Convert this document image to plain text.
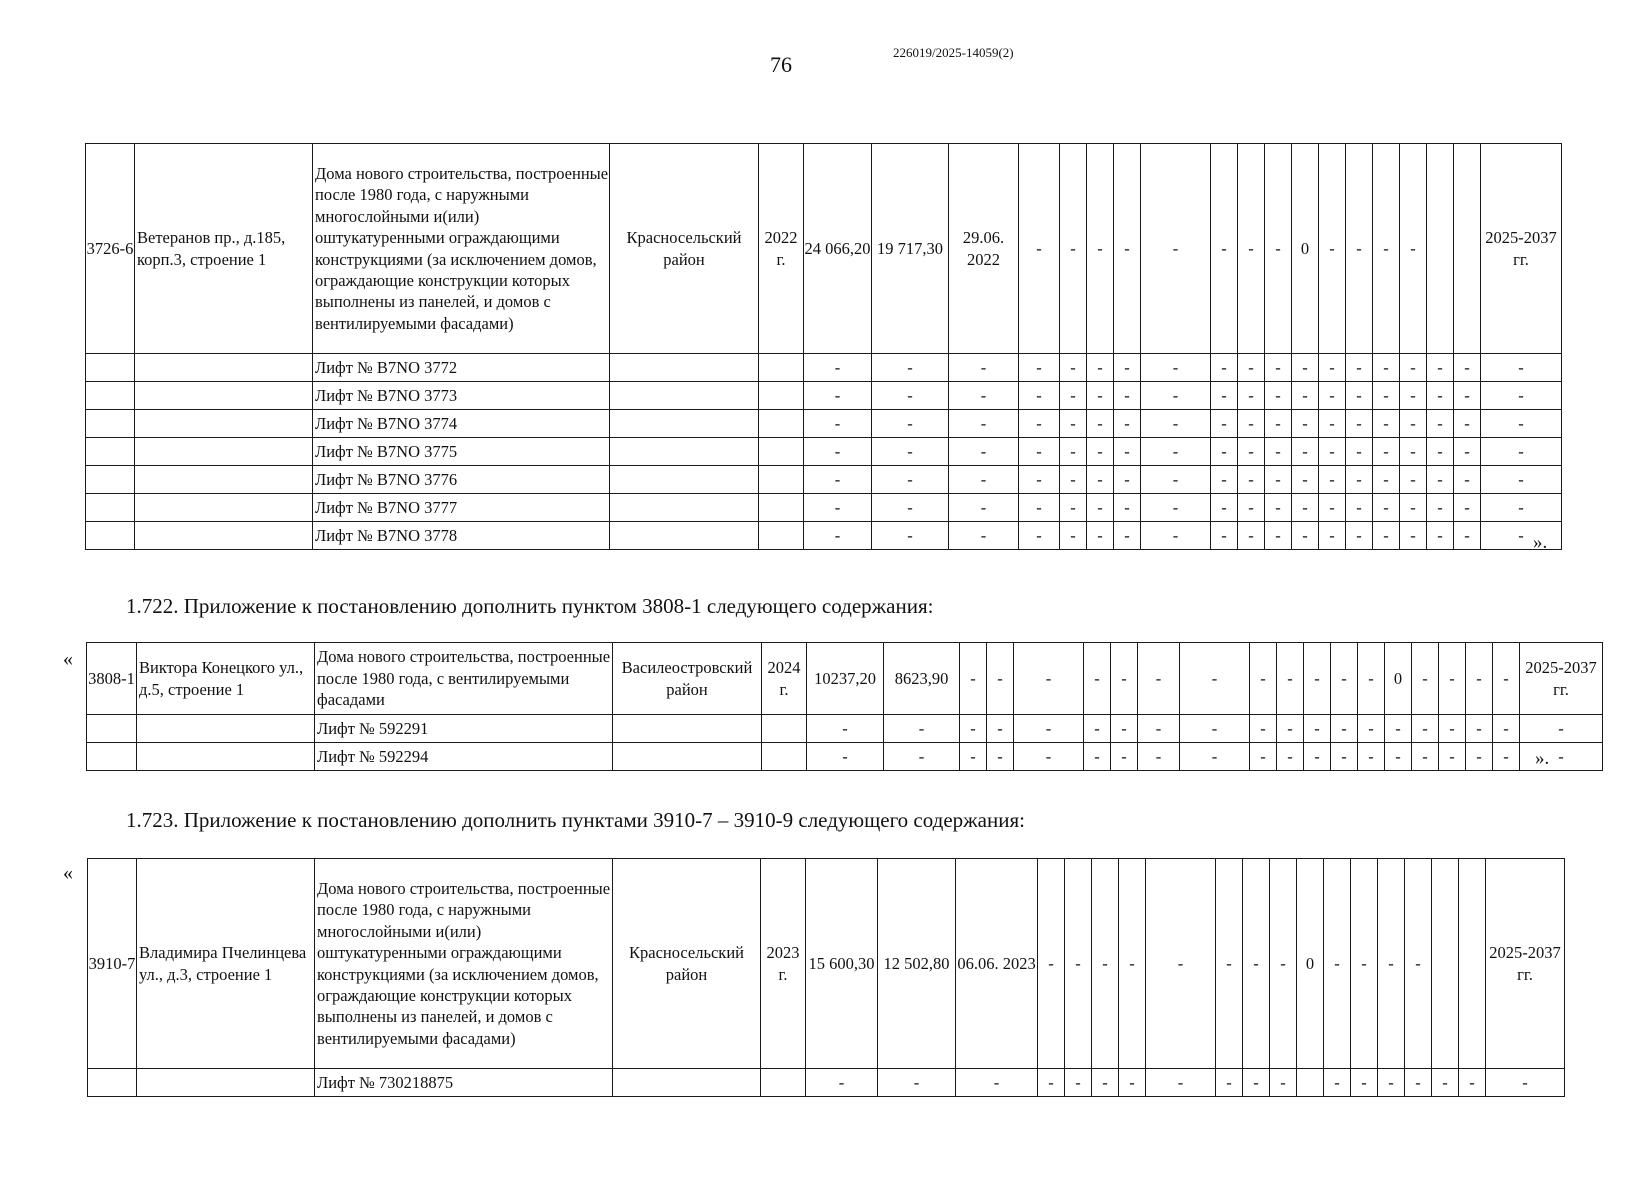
76	226019/2025-14059(2)
3726-6	Ветеранов пр., д.185, корп.3, строение 1	Дома нового строительства, построенные после 1980 года, с наружными многослойными и(или) оштукатуренными ограждающими конструкциями (за исключением домов, ограждающие конструкции которых выполнены из панелей, и домов с вентилируемыми фасадами)	Красносельский район	2022 г.	24 066,20	19 717,30	29.06. 2022	-	-	-	-	-	-	-	-	0	-	-	-	-			2025-2037 гг.
		Лифт № B7NO 3772			-	-	-	-	-	-	-	-	-	-	-	-	-	-	-	-	-	-	-
		Лифт № B7NO 3773			-	-	-	-	-	-	-	-	-	-	-	-	-	-	-	-	-	-	-
		Лифт № B7NO 3774			-	-	-	-	-	-	-	-	-	-	-	-	-	-	-	-	-	-	-
		Лифт № B7NO 3775			-	-	-	-	-	-	-	-	-	-	-	-	-	-	-	-	-	-	-
		Лифт № B7NO 3776			-	-	-	-	-	-	-	-	-	-	-	-	-	-	-	-	-	-	-
		Лифт № B7NO 3777			-	-	-	-	-	-	-	-	-	-	-	-	-	-	-	-	-	-	-
		Лифт № B7NO 3778			-	-	-	-	-	-	-	-	-	-	-	-	-	-	-	-	-	-	- ».
1.722. Приложение к постановлению дополнить пунктом 3808-1 следующего содержания:
«
3808-1	Виктора Конецкого ул., д.5, строение 1	Дома нового строительства, построенные после 1980 года, с вентилируемыми фасадами	Василеостровский район	2024 г.	10237,20	8623,90	-	-	-	-	-	-	-	-	-	-	-	-	0	-	-	-	-	2025-2037 гг.
		Лифт № 592291			-	-	-	-	-	-	-	-	-	-	-	-	-	-	-	-	-	-	-	-
		Лифт № 592294			-	-	-	-	-	-	-	-	-	-	-	-	-	-	-	-	-	-	-	-
».
1.723. Приложение к постановлению дополнить пунктами 3910-7 – 3910-9 следующего содержания:
«
3910-7	Владимира Пчелинцева ул., д.3, строение 1	Дома нового строительства, построенные после 1980 года, с наружными многослойными и(или) оштукатуренными ограждающими конструкциями (за исключением домов, ограждающие конструкции которых выполнены из панелей, и домов с вентилируемыми фасадами)	Красносельский район	2023 г.	15 600,30	12 502,80	06.06. 2023	-	-	-	-	-	-	-	-	0	-	-	-	-			2025-2037 гг.
		Лифт № 730218875			-	-	-	-	-	-	-	-	-	-	-		-	-	-	-	-	-	-
